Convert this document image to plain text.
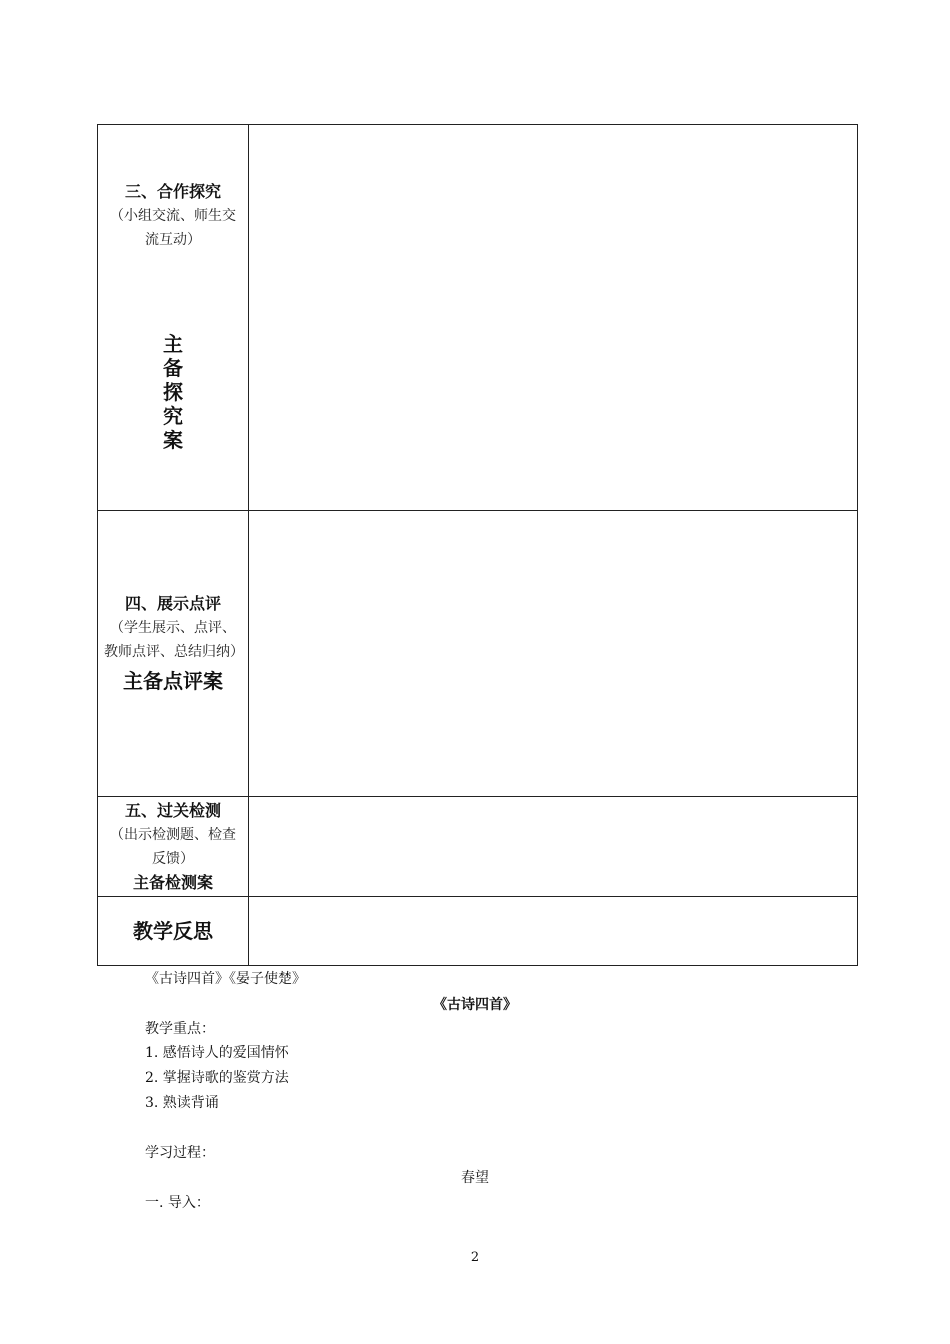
三、合作探究
（小组交流、师生交流互动）
主备探究案	

四、展示点评
（学生展示、点评、教师点评、总结归纳）
主备点评案	

五、过关检测
（出示检测题、检查反馈）
主备检测案	

教学反思	

《古诗四首》《晏子使楚》
《古诗四首》
教学重点：
1. 感悟诗人的爱国情怀
2. 掌握诗歌的鉴赏方法
3. 熟读背诵
学习过程：
春望
一. 导入：
2
